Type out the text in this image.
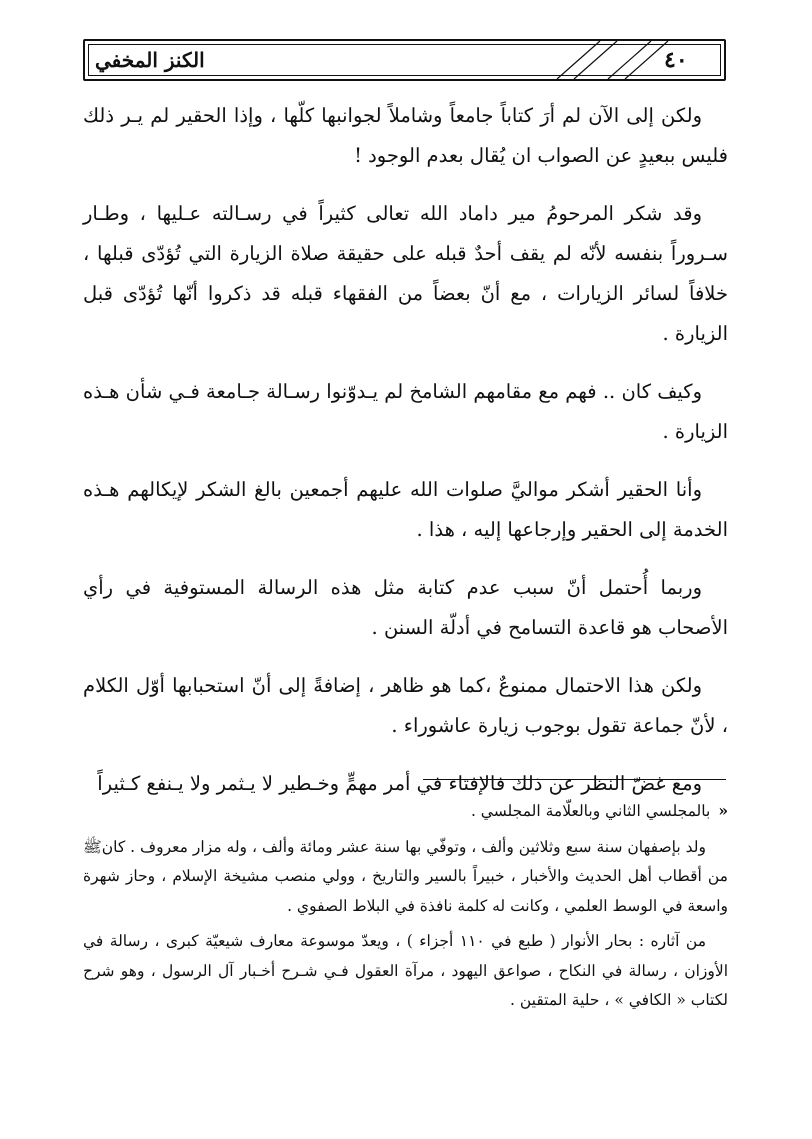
الكنز المخفي	٤٠

ولكن إلى الآن لم أرَ كتاباً جامعاً وشاملاً لجوانبها كلّها ، وإذا الحقير لم يـر ذلك فليس ببعيدٍ عن الصواب ان يُقال بعدم الوجود !

وقد شكر المرحومُ مير داماد الله تعالى كثيراً في رسـالته عـليها ، وطـار سـروراً بنفسه لأنّه لم يقف أحدٌ قبله على حقيقة صلاة الزيارة التي تُؤدّى قبلها ، خلافاً لسائر الزيارات ، مع أنّ بعضاً من الفقهاء قبله قد ذكروا أنّها تُؤدّى قبل الزيارة .

وكيف كان .. فهم مع مقامهم الشامخ لم يـدوّنوا رسـالة جـامعة فـي شأن هـذه الزيارة .

وأنا الحقير أشكر مواليَّ صلوات الله عليهم أجمعين بالغ الشكر لإيكالهم هـذه الخدمة إلى الحقير وإرجاعها إليه ، هذا .

وربما أُحتمل أنّ سبب عدم كتابة مثل هذه الرسالة المستوفية في رأي الأصحاب هو قاعدة التسامح في أدلّة السنن .

ولكن هذا الاحتمال ممنوعٌ ،كما هو ظاهر ، إضافةً إلى أنّ استحبابها أوّل الكلام ، لأنّ جماعة تقول بوجوب زيارة عاشوراء .

ومع غضّ النظر عن ذلك فالإفتاء في أمر مهمٍّ وخـطير لا يـثمر ولا يـنفع كـثيراً

«بالمجلسي الثاني وبالعلّامة المجلسي .

ولد بإصفهان سنة سبع وثلاثين وألف ، وتوفّي بها سنة عشر ومائة وألف ، وله مزار معروف . كانﷺ من أقطاب أهل الحديث والأخبار ، خبيراً بالسير والتاريخ ، وولي منصب مشيخة الإسلام ، وحاز شهرة واسعة في الوسط العلمي ، وكانت له كلمة نافذة في البلاط الصفوي .

من آثاره : بحار الأنوار ( طبع في ١١٠ أجزاء ) ، ويعدّ موسوعة معارف شيعيّة كبرى ، رسالة في الأوزان ، رسالة في النكاح ، صواعق اليهود ، مرآة العقول فـي شـرح أخـبار آل الرسول ، وهو شرح لكتاب « الكافي » ، حلية المتقين .
